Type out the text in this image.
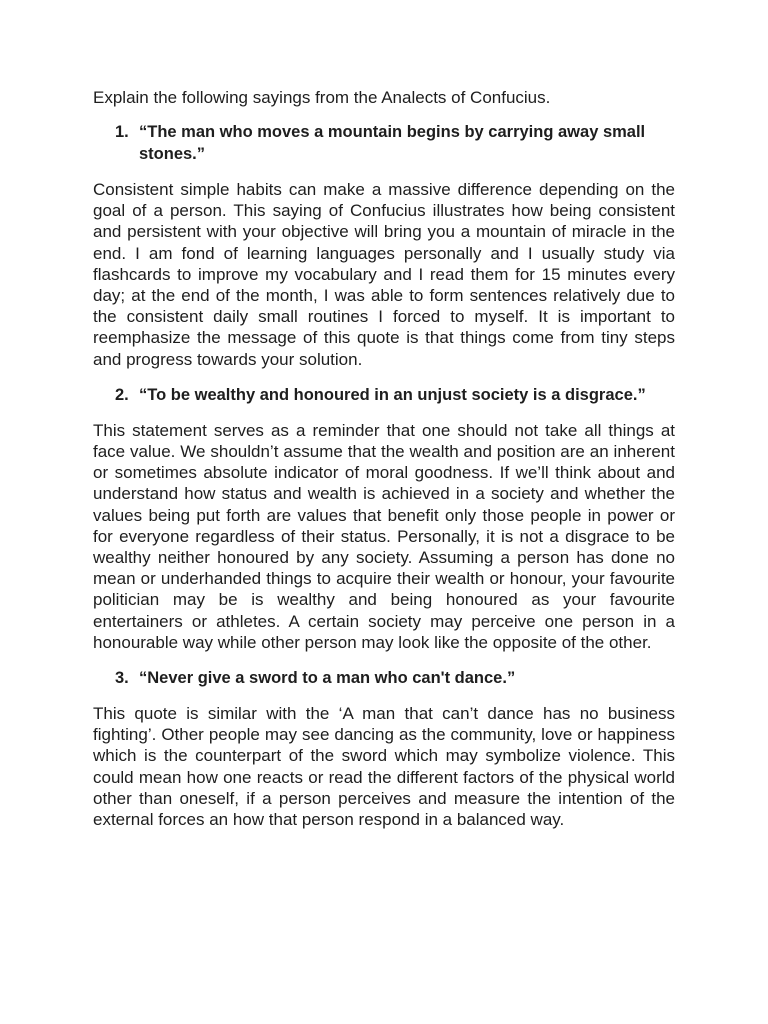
Explain the following sayings from the Analects of Confucius.

1. “The man who moves a mountain begins by carrying away small stones.”

Consistent simple habits can make a massive difference depending on the goal of a person. This saying of Confucius illustrates how being consistent and persistent with your objective will bring you a mountain of miracle in the end. I am fond of learning languages personally and I usually study via flashcards to improve my vocabulary and I read them for 15 minutes every day; at the end of the month, I was able to form sentences relatively due to the consistent daily small routines I forced to myself. It is important to reemphasize the message of this quote is that things come from tiny steps and progress towards your solution.

2. “To be wealthy and honoured in an unjust society is a disgrace.”

This statement serves as a reminder that one should not take all things at face value. We shouldn’t assume that the wealth and position are an inherent or sometimes absolute indicator of moral goodness. If we’ll think about and understand how status and wealth is achieved in a society and whether the values being put forth are values that benefit only those people in power or for everyone regardless of their status. Personally, it is not a disgrace to be wealthy neither honoured by any society. Assuming a person has done no mean or underhanded things to acquire their wealth or honour, your favourite politician may be is wealthy and being honoured as your favourite entertainers or athletes. A certain society may perceive one person in a honourable way while other person may look like the opposite of the other.

3. “Never give a sword to a man who can't dance.”

This quote is similar with the ‘A man that can’t dance has no business fighting’. Other people may see dancing as the community, love or happiness which is the counterpart of the sword which may symbolize violence. This could mean how one reacts or read the different factors of the physical world other than oneself, if a person perceives and measure the intention of the external forces an how that person respond in a balanced way.
